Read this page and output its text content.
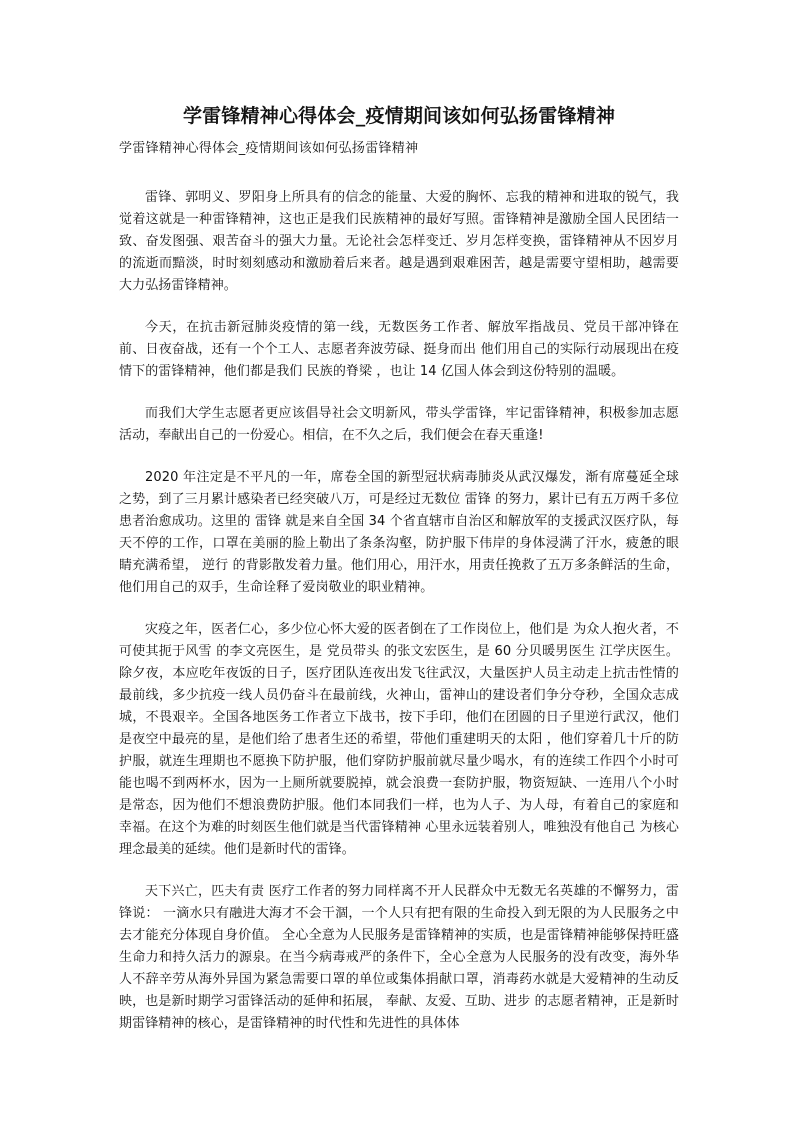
学雷锋精神心得体会_疫情期间该如何弘扬雷锋精神
学雷锋精神心得体会_疫情期间该如何弘扬雷锋精神

雷锋、郭明义、罗阳身上所具有的信念的能量、大爱的胸怀、忘我的精神和进取的锐气，我觉着这就是一种雷锋精神，这也正是我们民族精神的最好写照。雷锋精神是激励全国人民团结一致、奋发图强、艰苦奋斗的强大力量。无论社会怎样变迁、岁月怎样变换，雷锋精神从不因岁月的流逝而黯淡，时时刻刻感动和激励着后来者。越是遇到艰难困苦，越是需要守望相助，越需要大力弘扬雷锋精神。

今天，在抗击新冠肺炎疫情的第一线，无数医务工作者、解放军指战员、党员干部冲锋在前、日夜奋战，还有一个个工人、志愿者奔波劳碌、挺身而出 他们用自己的实际行动展现出在疫情下的雷锋精神，他们都是我们 民族的脊梁 ，也让 14 亿国人体会到这份特别的温暖。

而我们大学生志愿者更应该倡导社会文明新风，带头学雷锋，牢记雷锋精神，积极参加志愿活动，奉献出自己的一份爱心。相信，在不久之后，我们便会在春天重逢!

2020 年注定是不平凡的一年，席卷全国的新型冠状病毒肺炎从武汉爆发，渐有席蔓延全球之势，到了三月累计感染者已经突破八万，可是经过无数位 雷锋 的努力，累计已有五万两千多位患者治愈成功。这里的 雷锋 就是来自全国 34 个省直辖市自治区和解放军的支援武汉医疗队，每天不停的工作，口罩在美丽的脸上勒出了条条沟壑，防护服下伟岸的身体浸满了汗水，疲惫的眼睛充满希望， 逆行 的背影散发着力量。他们用心，用汗水，用责任挽救了五万多条鲜活的生命，他们用自己的双手，生命诠释了爱岗敬业的职业精神。

灾疫之年，医者仁心，多少位心怀大爱的医者倒在了工作岗位上，他们是 为众人抱火者，不可使其扼于风雪 的李文亮医生，是 党员带头 的张文宏医生，是 60 分贝暖男医生 江学庆医生。除夕夜，本应吃年夜饭的日子，医疗团队连夜出发飞往武汉，大量医护人员主动走上抗击性情的最前线，多少抗疫一线人员仍奋斗在最前线，火神山，雷神山的建设者们争分夺秒，全国众志成城，不畏艰辛。全国各地医务工作者立下战书，按下手印，他们在团圆的日子里逆行武汉，他们是夜空中最亮的星，是他们给了患者生还的希望，带他们重建明天的太阳 ，他们穿着几十斤的防护服，就连生理期也不愿换下防护服，他们穿防护服前就尽量少喝水，有的连续工作四个小时可能也喝不到两杯水，因为一上厕所就要脱掉，就会浪费一套防护服，物资短缺、一连用八个小时是常态，因为他们不想浪费防护服。他们本同我们一样，也为人子、为人母，有着自己的家庭和幸福。在这个为难的时刻医生他们就是当代雷锋精神 心里永远装着别人，唯独没有他自己 为核心理念最美的延续。他们是新时代的雷锋。

天下兴亡，匹夫有责 医疗工作者的努力同样离不开人民群众中无数无名英雄的不懈努力，雷锋说： 一滴水只有融进大海才不会干涸，一个人只有把有限的生命投入到无限的为人民服务之中去才能充分体现自身价值。 全心全意为人民服务是雷锋精神的实质，也是雷锋精神能够保持旺盛生命力和持久活力的源泉。在当今病毒戒严的条件下，全心全意为人民服务的没有改变，海外华人不辞辛劳从海外异国为紧急需要口罩的单位或集体捐献口罩，消毒药水就是大爱精神的生动反映，也是新时期学习雷锋活动的延伸和拓展， 奉献、友爱、互助、进步 的志愿者精神，正是新时期雷锋精神的核心，是雷锋精神的时代性和先进性的具体体
